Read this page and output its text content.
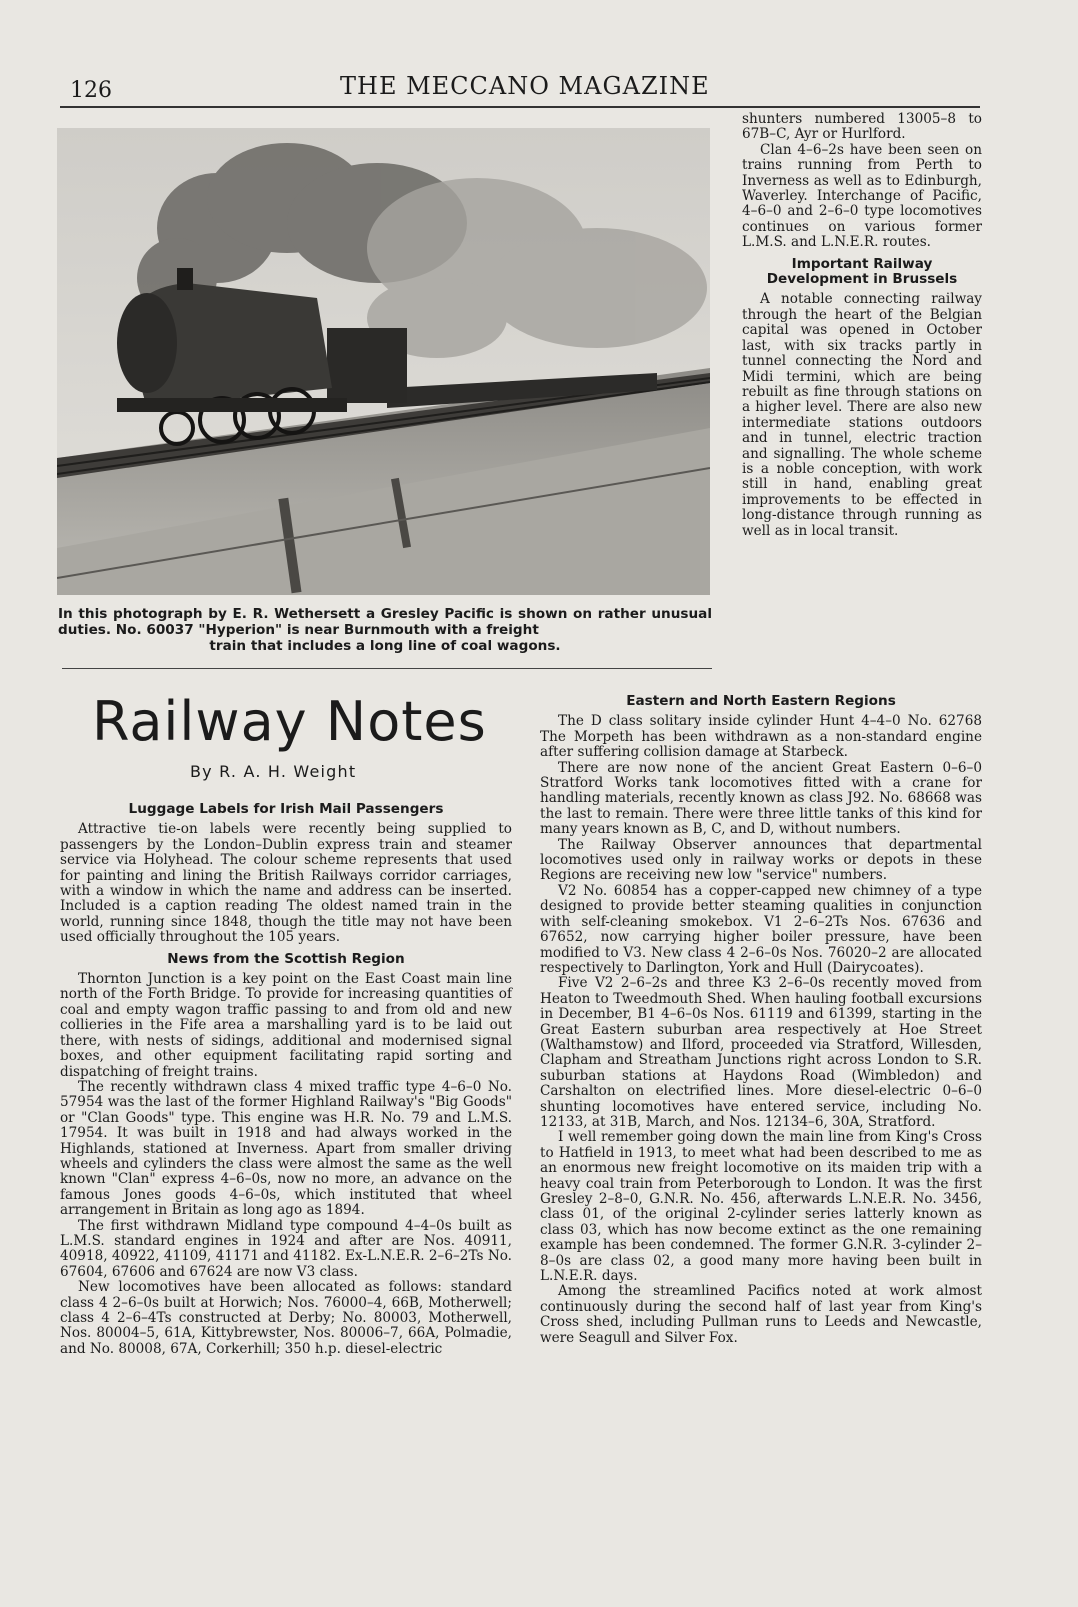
126	THE MECCANO MAGAZINE
In this photograph by E. R. Wethersett a Gresley Pacific is shown on rather unusual duties. No. 60037 "Hyperion" is near Burnmouth with a freight
train that includes a long line of coal wagons.
Railway Notes
By R. A. H. Weight

shunters numbered 13005–8 to 67B–C, Ayr or Hurlford.

Clan 4–6–2s have been seen on trains running from Perth to Inverness as well as to Edinburgh, Waverley. Interchange of Pacific, 4–6–0 and 2–6–0 type locomotives continues on various former L.M.S. and L.N.E.R. routes.

Important Railway Development in Brussels

A notable connecting railway through the heart of the Belgian capital was opened in October last, with six tracks partly in tunnel connecting the Nord and Midi termini, which are being rebuilt as fine through stations on a higher level. There are also new intermediate stations outdoors and in tunnel, electric traction and signalling. The whole scheme is a noble conception, with work still in hand, enabling great improvements to be effected in long-distance through running as well as in local transit.

Luggage Labels for Irish Mail Passengers

Attractive tie-on labels were recently being supplied to passengers by the London–Dublin express train and steamer service via Holyhead. The colour scheme represents that used for painting and lining the British Railways corridor carriages, with a window in which the name and address can be inserted. Included is a caption reading The oldest named train in the world, running since 1848, though the title may not have been used officially throughout the 105 years.

News from the Scottish Region

Thornton Junction is a key point on the East Coast main line north of the Forth Bridge. To provide for increasing quantities of coal and empty wagon traffic passing to and from old and new collieries in the Fife area a marshalling yard is to be laid out there, with nests of sidings, additional and modernised signal boxes, and other equipment facilitating rapid sorting and dispatching of freight trains.

The recently withdrawn class 4 mixed traffic type 4–6–0 No. 57954 was the last of the former Highland Railway's "Big Goods" or "Clan Goods" type. This engine was H.R. No. 79 and L.M.S. 17954. It was built in 1918 and had always worked in the Highlands, stationed at Inverness. Apart from smaller driving wheels and cylinders the class were almost the same as the well known "Clan" express 4–6–0s, now no more, an advance on the famous Jones goods 4–6–0s, which instituted that wheel arrangement in Britain as long ago as 1894.

The first withdrawn Midland type compound 4–4–0s built as L.M.S. standard engines in 1924 and after are Nos. 40911, 40918, 40922, 41109, 41171 and 41182. Ex-L.N.E.R. 2–6–2Ts No. 67604, 67606 and 67624 are now V3 class.

New locomotives have been allocated as follows: standard class 4 2–6–0s built at Horwich; Nos. 76000–4, 66B, Motherwell; class 4 2–6–4Ts constructed at Derby; No. 80003, Motherwell, Nos. 80004–5, 61A, Kittybrewster, Nos. 80006–7, 66A, Polmadie, and No. 80008, 67A, Corkerhill; 350 h.p. diesel-electric

Eastern and North Eastern Regions

The D class solitary inside cylinder Hunt 4–4–0 No. 62768 The Morpeth has been withdrawn as a non-standard engine after suffering collision damage at Starbeck.

There are now none of the ancient Great Eastern 0–6–0 Stratford Works tank locomotives fitted with a crane for handling materials, recently known as class J92. No. 68668 was the last to remain. There were three little tanks of this kind for many years known as B, C, and D, without numbers.

The Railway Observer announces that departmental locomotives used only in railway works or depots in these Regions are receiving new low "service" numbers.

V2 No. 60854 has a copper-capped new chimney of a type designed to provide better steaming qualities in conjunction with self-cleaning smokebox. V1 2–6–2Ts Nos. 67636 and 67652, now carrying higher boiler pressure, have been modified to V3. New class 4 2–6–0s Nos. 76020–2 are allocated respectively to Darlington, York and Hull (Dairycoates).

Five V2 2–6–2s and three K3 2–6–0s recently moved from Heaton to Tweedmouth Shed. When hauling football excursions in December, B1 4–6–0s Nos. 61119 and 61399, starting in the Great Eastern suburban area respectively at Hoe Street (Walthamstow) and Ilford, proceeded via Stratford, Willesden, Clapham and Streatham Junctions right across London to S.R. suburban stations at Haydons Road (Wimbledon) and Carshalton on electrified lines. More diesel-electric 0–6–0 shunting locomotives have entered service, including No. 12133, at 31B, March, and Nos. 12134–6, 30A, Stratford.

I well remember going down the main line from King's Cross to Hatfield in 1913, to meet what had been described to me as an enormous new freight locomotive on its maiden trip with a heavy coal train from Peterborough to London. It was the first Gresley 2–8–0, G.N.R. No. 456, afterwards L.N.E.R. No. 3456, class 01, of the original 2-cylinder series latterly known as class 03, which has now become extinct as the one remaining example has been condemned. The former G.N.R. 3-cylinder 2–8–0s are class 02, a good many more having been built in L.N.E.R. days.

Among the streamlined Pacifics noted at work almost continuously during the second half of last year from King's Cross shed, including Pullman runs to Leeds and Newcastle, were Seagull and Silver Fox.
